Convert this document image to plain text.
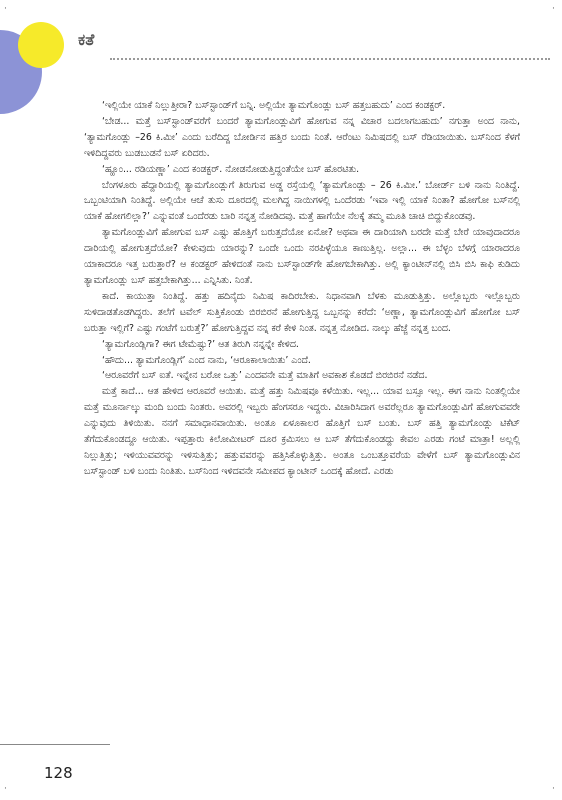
·	·
·	·
ಕತೆ

‘ಇಲ್ಲಿಯೇ ಯಾಕೆ ನಿಲ್ಲುತ್ತೀರಾ? ಬಸ್‌ಸ್ಟಾಂಡ್‌ಗೆ ಬನ್ನಿ. ಅಲ್ಲಿಯೇ ತ್ಯಾಮಗೊಂಡ್ಲು ಬಸ್ ಹತ್ತಬಹುದು’ ಎಂದ ಕಂಡಕ್ಟರ್.

‘ಬೇಡ... ಮತ್ತೆ ಬಸ್‌ಸ್ಟಾಂಡ್‌ವರೆಗೆ ಬಂದರೆ ತ್ಯಾಮಗೊಂಡ್ಲುವಿಗೆ ಹೋಗುವ ನನ್ನ ವಿಚಾರ ಬದಲಾಗಬಹುದು’ ನಗುತ್ತಾ ಅಂದ ನಾನು, ‘ತ್ಯಾಮಗೊಂಡ್ಲು –26 ಕಿ.ಮೀ’ ಎಂದು ಬರೆದಿದ್ದ ಬೋರ್ಡಿನ ಹತ್ತಿರ ಬಂದು ನಿಂತೆ. ಆರೆಂಟು ನಿಮಿಷದಲ್ಲಿ ಬಸ್ ರೆಡಿಯಾಯಿತು. ಬಸ್‌ನಿಂದ ಕೆಳಗೆ ಇಳಿದಿದ್ದವರು ಬುಡಬುಡನೆ ಬಸ್ ಏರಿದರು.

‘ಹ್ಹೂಂ... ರಡಿಯಣ್ಣಾ’ ಎಂದ ಕಂಡಕ್ಟರ್. ನೋಡನೋಡುತ್ತಿದ್ದಂತೆಯೇ ಬಸ್ ಹೊರಟಿತು.

ಬೆಂಗಳೂರು ಹೆದ್ದಾರಿಯಲ್ಲಿ ತ್ಯಾಮಗೊಂಡ್ಲುಗೆ ತಿರುಗುವ ಅಡ್ಡ ರಸ್ತೆಯಲ್ಲಿ ‘ತ್ಯಾಮಗೊಂಡ್ಲು – 26 ಕಿ.ಮೀ.’ ಬೋರ್ಡ್ ಬಳಿ ನಾನು ನಿಂತಿದ್ದೆ. ಒಬ್ಬಂಟಿಯಾಗಿ ನಿಂತಿದ್ದೆ. ಅಲ್ಲಿಯೇ ಆಚೆ ತುಸು ದೂರದಲ್ಲಿ ಮಲಗಿದ್ದ ನಾಯಿಗಳಲ್ಲಿ ಒಂದೆರಡು ‘ಇವಾ ಇಲ್ಲಿ ಯಾಕೆ ನಿಂತಾ? ಹೋಗೋ ಬಸ್‌ನಲ್ಲಿ ಯಾಕೆ ಹೋಗಲಿಲ್ಲಾ?’ ಎನ್ನುವಂತೆ ಒಂದೆರಡು ಬಾರಿ ನನ್ನತ್ತ ನೋಡಿದವು. ಮತ್ತೆ ಹಾಗೆಯೇ ನೆಲಕ್ಕೆ ತಮ್ಮ ಮೂತಿ ಚಾಚಿ ಬಿದ್ದುಕೊಂಡವು.

ತ್ಯಾಮಗೊಂಡ್ಲುವಿಗೆ ಹೋಗುವ ಬಸ್ ಎಷ್ಟು ಹೊತ್ತಿಗೆ ಬರುತ್ತದೆಯೋ ಏನೋ? ಅಥವಾ ಈ ದಾರಿಯಾಗಿ ಬರದೇ ಮತ್ತೆ ಬೇರೆ ಯಾವುದಾದರೂ ದಾರಿಯಲ್ಲಿ ಹೋಗುತ್ತದೆಯೋ? ಕೇಳುವುದು ಯಾರನ್ನು? ಒಂದೇ ಒಂದು ನರಪಿಳ್ಳೆಯೂ ಕಾಣುತ್ತಿಲ್ಲ. ಅಲ್ಲಾ... ಈ ಬೆಳ್ಳಂ ಬೆಳಗ್ಗೆ ಯಾರಾದರೂ ಯಾಕಾದರೂ ಇತ್ತ ಬರುತ್ತಾರೆ? ಆ ಕಂಡಕ್ಟರ್ ಹೇಳಿದಂತೆ ನಾನು ಬಸ್‌ಸ್ಟಾಂಡ್‌ಗೇ ಹೋಗಬೇಕಾಗಿತ್ತು. ಅಲ್ಲಿ ಕ್ಯಾಂಟೀನ್‌ನಲ್ಲಿ ಬಿಸಿ ಬಿಸಿ ಕಾಫಿ ಕುಡಿದು ತ್ಯಾಮಗೊಂಡ್ಲು ಬಸ್ ಹತ್ತಬೇಕಾಗಿತ್ತು... ಎನ್ನಿಸಿತು. ನಿಂತೆ.

ಕಾದೆ. ಕಾಯುತ್ತಾ ನಿಂತಿದ್ದೆ. ಹತ್ತು ಹದಿನೈದು ನಿಮಿಷ ಕಾದಿರಬೇಕು. ನಿಧಾನವಾಗಿ ಬೆಳಕು ಮೂಡುತ್ತಿತ್ತು. ಅಲ್ಲೊಬ್ಬರು ಇಲ್ಲೊಬ್ಬರು ಸುಳಿದಾಡತೊಡಗಿದ್ದರು. ತಲೆಗೆ ಟವೆಲ್ ಸುತ್ತಿಕೊಂಡು ಬಿರಬಿರನೆ ಹೋಗುತ್ತಿದ್ದ ಒಬ್ಬನನ್ನು ಕರೆದೆ: ‘ಅಣ್ಣಾ, ತ್ಯಾಮಗೊಂಡ್ಲುವಿಗೆ ಹೋಗೋ ಬಸ್ ಬರುತ್ತಾ ಇಲ್ಲಿಗೆ? ಎಷ್ಟು ಗಂಟೆಗೆ ಬರುತ್ತೆ?’ ಹೋಗುತ್ತಿದ್ದವ ನನ್ನ ಕರೆ ಕೇಳಿ ನಿಂತ. ನನ್ನತ್ತ ನೋಡಿದ. ನಾಲ್ಕು ಹೆಜ್ಜೆ ನನ್ನತ್ತ ಬಂದ.

‘ತ್ಯಾಮಗೊಂಡ್ಲಿಗಾ? ಈಗ ಟೇಮೆಷ್ಟು?’ ಆತ ತಿರುಗಿ ನನ್ನನ್ನೇ ಕೇಳಿದ.

‘ಹೌದು... ತ್ಯಾಮಗೊಂಡ್ಲಿಗೆ’ ಎಂದ ನಾನು, ‘ಆರೂಕಾಲಾಯಿತು’ ಎಂದೆ.

‘ಆರೂವರೆಗೆ ಬಸ್ ಐತೆ. ಇನ್ನೇನ ಬರೋ ಒತ್ತು’ ಎಂದವನೇ ಮತ್ತೆ ಮಾತಿಗೆ ಅವಕಾಶ ಕೊಡದೆ ಬಿರಬಿರನೆ ನಡೆದ.

ಮತ್ತೆ ಕಾದೆ... ಆತ ಹೇಳಿದ ಆರೂವರೆ ಆಯಿತು. ಮತ್ತೆ ಹತ್ತು ನಿಮಿಷವೂ ಕಳೆಯಿತು. ಇಲ್ಲ... ಯಾವ ಬಸ್ಸೂ ಇಲ್ಲ. ಈಗ ನಾನು ನಿಂತಲ್ಲಿಯೇ ಮತ್ತೆ ಮೂರ್ನಾಲ್ಕು ಮಂದಿ ಬಂದು ನಿಂತರು. ಅವರಲ್ಲಿ ಇಬ್ಬರು ಹೆಂಗಸರೂ ಇದ್ದರು. ವಿಚಾರಿಸಿದಾಗ ಅವರೆಲ್ಲರೂ ತ್ಯಾಮಗೊಂಡ್ಲುವಿಗೆ ಹೋಗುವವರೇ ಎನ್ನುವುದು ತಿಳಿಯಿತು. ನನಗೆ ಸಮಾಧಾನವಾಯಿತು. ಅಂತೂ ಏಳೂಕಾಲರ ಹೊತ್ತಿಗೆ ಬಸ್ ಬಂತು. ಬಸ್ ಹತ್ತಿ ತ್ಯಾಮಗೊಂಡ್ಲು ಟಿಕೆಟ್ ತೆಗೆದುಕೊಂಡದ್ದೂ ಆಯಿತು. ಇಪ್ಪತ್ತಾರು ಕಿಲೋಮೀಟರ್ ದೂರ ಕ್ರಮಿಸಲು ಆ ಬಸ್ ತೆಗೆದುಕೊಂಡದ್ದು ಕೇವಲ ಎರಡು ಗಂಟೆ ಮಾತ್ರಾ! ಅಲ್ಲಲ್ಲಿ ನಿಲ್ಲುತ್ತಿತ್ತು; ಇಳಿಯುವವರನ್ನು ಇಳಿಸುತ್ತಿತ್ತು; ಹತ್ತುವವರನ್ನು ಹತ್ತಿಸಿಕೊಳ್ಳುತ್ತಿತ್ತು. ಅಂತೂ ಒಂಬತ್ತೂವರೆಯ ವೇಳೆಗೆ ಬಸ್ ತ್ಯಾಮಗೊಂಡ್ಲುವಿನ ಬಸ್‌ಸ್ಟಾಂಡ್ ಬಳಿ ಬಂದು ನಿಂತಿತು. ಬಸ್‌ನಿಂದ ಇಳಿದವನೇ ಸಮೀಪದ ಕ್ಯಾಂಟೀನ್ ಒಂದಕ್ಕೆ ಹೋದೆ. ಎರಡು

128
